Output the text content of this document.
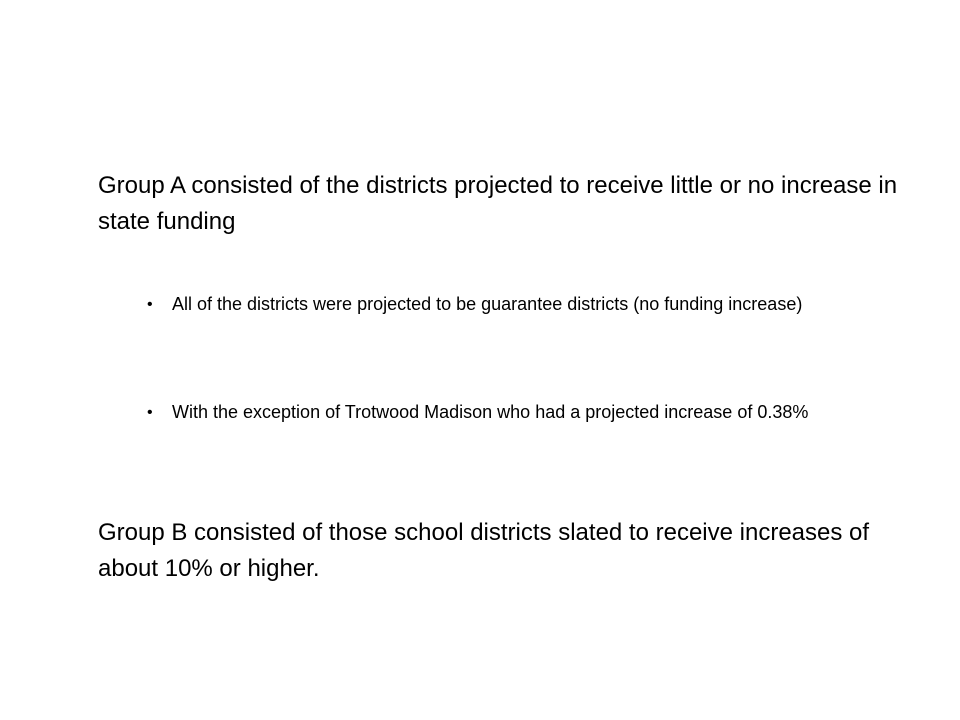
Group A consisted of the districts projected to receive little or no increase in state funding

•	All of the districts were projected to be guarantee districts (no funding increase)
•	With the exception of Trotwood Madison who had a projected increase of 0.38%

Group B consisted of those school districts slated to receive increases of about 10% or higher.
